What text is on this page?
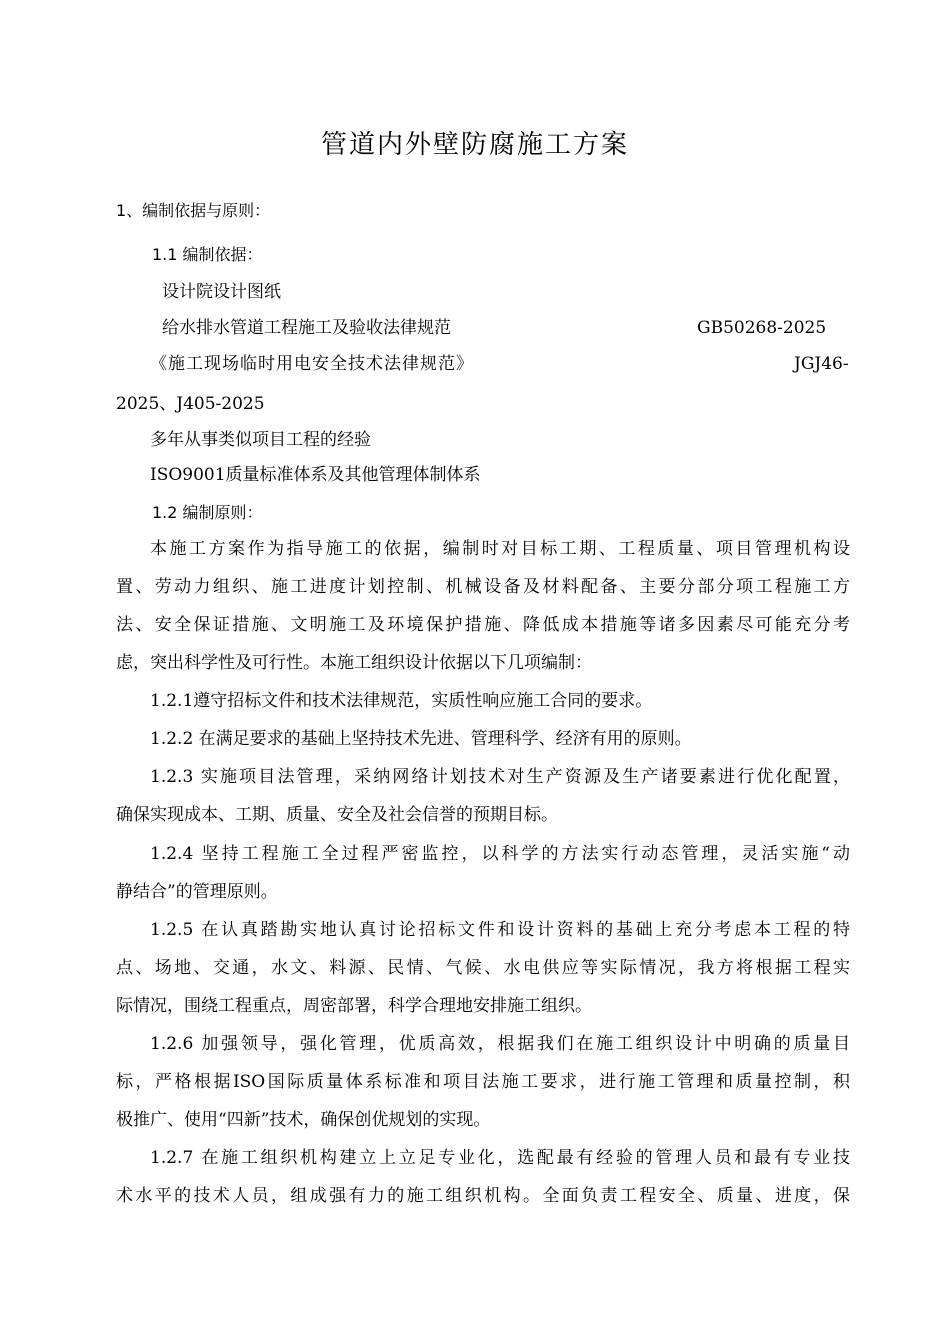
管道内外壁防腐施工方案
1、编制依据与原则：
1.1 编制依据：
设计院设计图纸
给水排水管道工程施工及验收法律规范	GB50268-2025
《施工现场临时用电安全技术法律规范》	JGJ46-
2025、J405-2025
多年从事类似项目工程的经验
ISO9001质量标准体系及其他管理体制体系
1.2 编制原则：
本施工方案作为指导施工的依据，编制时对目标工期、工程质量、项目管理机构设
置、劳动力组织、施工进度计划控制、机械设备及材料配备、主要分部分项工程施工方
法、安全保证措施、文明施工及环境保护措施、降低成本措施等诸多因素尽可能充分考
虑，突出科学性及可行性。本施工组织设计依据以下几项编制：
1.2.1遵守招标文件和技术法律规范，实质性响应施工合同的要求。
1.2.2 在满足要求的基础上坚持技术先进、管理科学、经济有用的原则。
1.2.3 实施项目法管理，采纳网络计划技术对生产资源及生产诸要素进行优化配置，
确保实现成本、工期、质量、安全及社会信誉的预期目标。
1.2.4 坚持工程施工全过程严密监控，以科学的方法实行动态管理，灵活实施“动
静结合”的管理原则。
1.2.5 在认真踏勘实地认真讨论招标文件和设计资料的基础上充分考虑本工程的特
点、场地、交通，水文、料源、民情、气候、水电供应等实际情况，我方将根据工程实
际情况，围绕工程重点，周密部署，科学合理地安排施工组织。
1.2.6 加强领导，强化管理，优质高效，根据我们在施工组织设计中明确的质量目
标，严格根据ISO国际质量体系标准和项目法施工要求，进行施工管理和质量控制，积
极推广、使用“四新”技术，确保创优规划的实现。
1.2.7 在施工组织机构建立上立足专业化，选配最有经验的管理人员和最有专业技
术水平的技术人员，组成强有力的施工组织机构。全面负责工程安全、质量、进度，保
